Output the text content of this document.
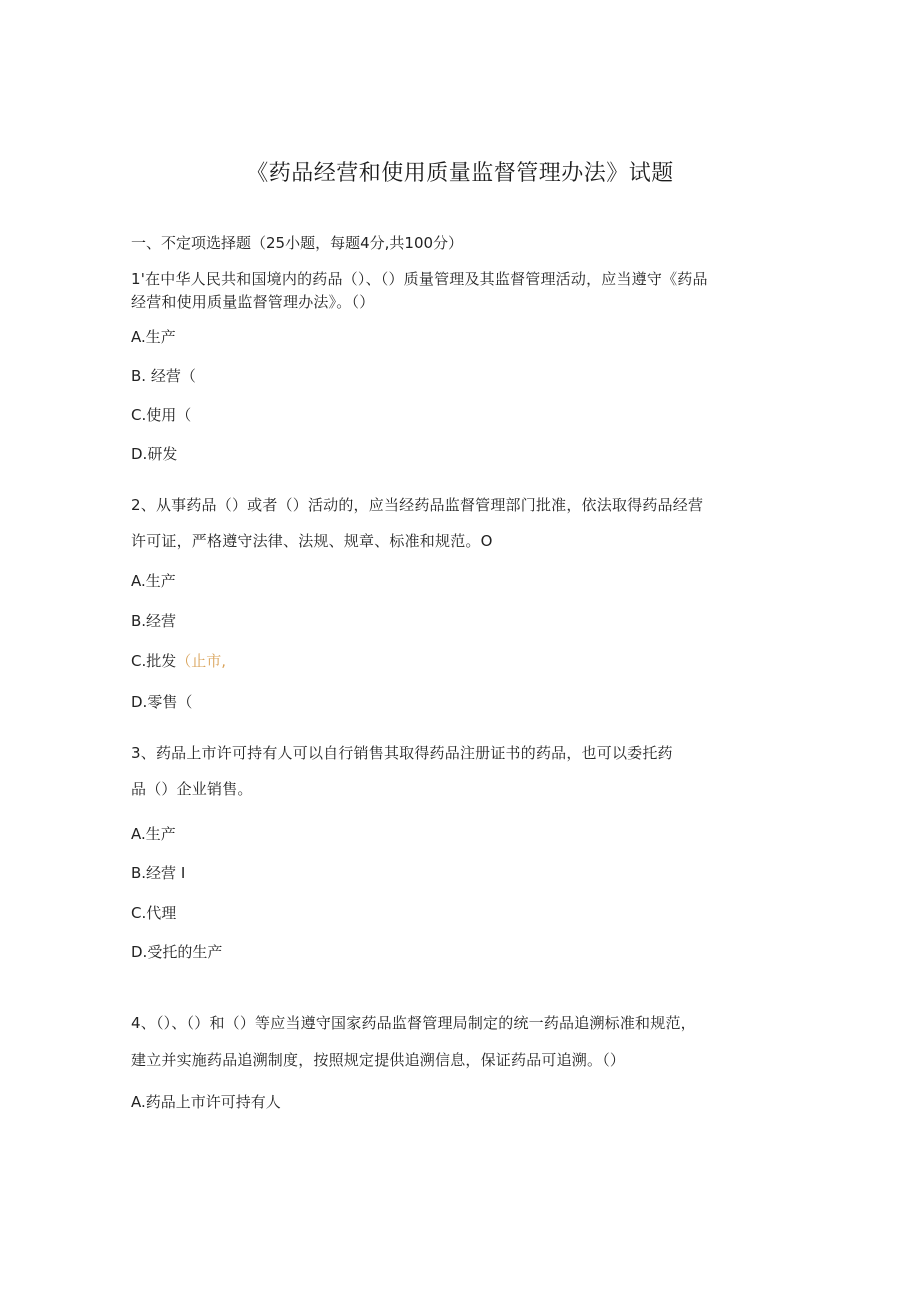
《药品经营和使用质量监督管理办法》试题
一、不定项选择题（25小题，每题4分,共100分）
1'在中华人民共和国境内的药品（）、（）质量管理及其监督管理活动，应当遵守《药品
经营和使用质量监督管理办法》。（）
A.生产
B. 经营（
C.使用（
D.研发
2、从事药品（）或者（）活动的，应当经药品监督管理部门批准，依法取得药品经营
许可证，严格遵守法律、法规、规章、标准和规范。O
A.生产
B.经营
C.批发（止市,
D.零售（
3、药品上市许可持有人可以自行销售其取得药品注册证书的药品，也可以委托药
品（）企业销售。
A.生产
B.经营 I
C.代理
D.受托的生产
4、（）、（）和（）等应当遵守国家药品监督管理局制定的统一药品追溯标准和规范，
建立并实施药品追溯制度，按照规定提供追溯信息，保证药品可追溯。（）
A.药品上市许可持有人
